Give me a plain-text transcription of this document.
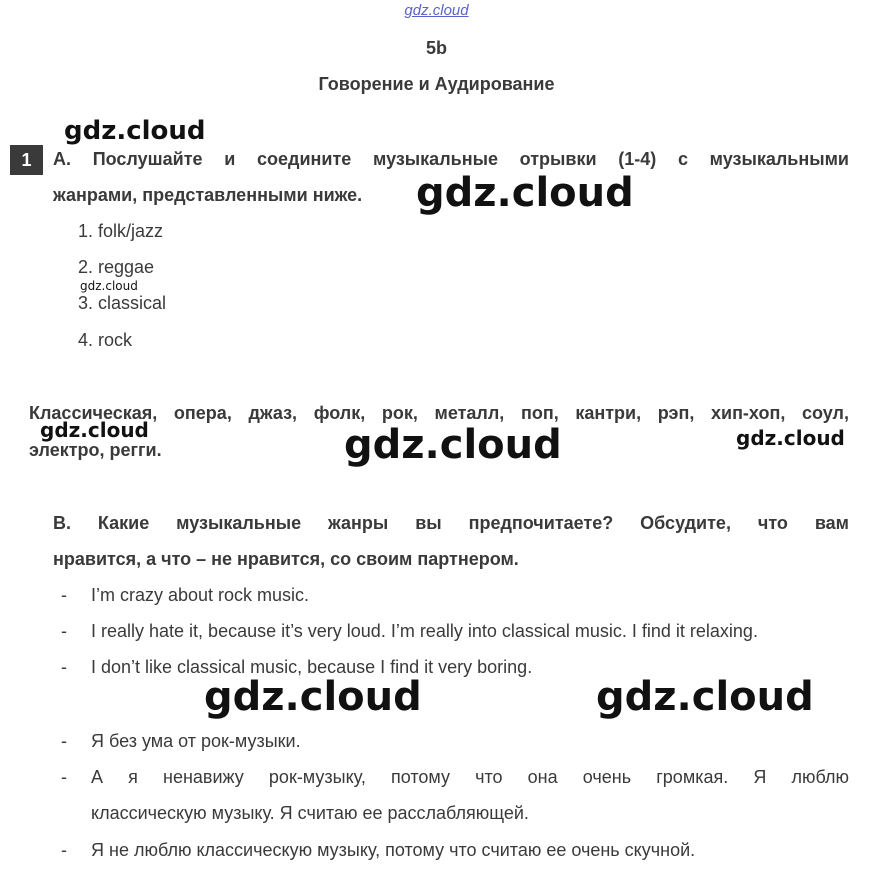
gdz.cloud
gdz.cloud
gdz.cloud
gdz.cloud
gdz.cloud	gdz.cloud	gdz.cloud
gdz.cloud	gdz.cloud
5b
Говорение и Аудирование
1	A. Послушайте и соедините музыкальные отрывки (1-4) с музыкальными
жанрами, представленными ниже.
1. folk/jazz
2. reggae
3. classical
4. rock
Классическая, опера, джаз, фолк, рок, металл, поп, кантри, рэп, хип-хоп, соул,
электро, регги.
B. Какие музыкальные жанры вы предпочитаете? Обсудите, что вам
нравится, а что – не нравится, со своим партнером.
- I’m crazy about rock music.
- I really hate it, because it’s very loud. I’m really into classical music. I find it relaxing.
- I don’t like classical music, because I find it very boring.
- Я без ума от рок-музыки.
- А я ненавижу рок-музыку, потому что она очень громкая. Я люблю
классическую музыку. Я считаю ее расслабляющей.
- Я не люблю классическую музыку, потому что считаю ее очень скучной.
